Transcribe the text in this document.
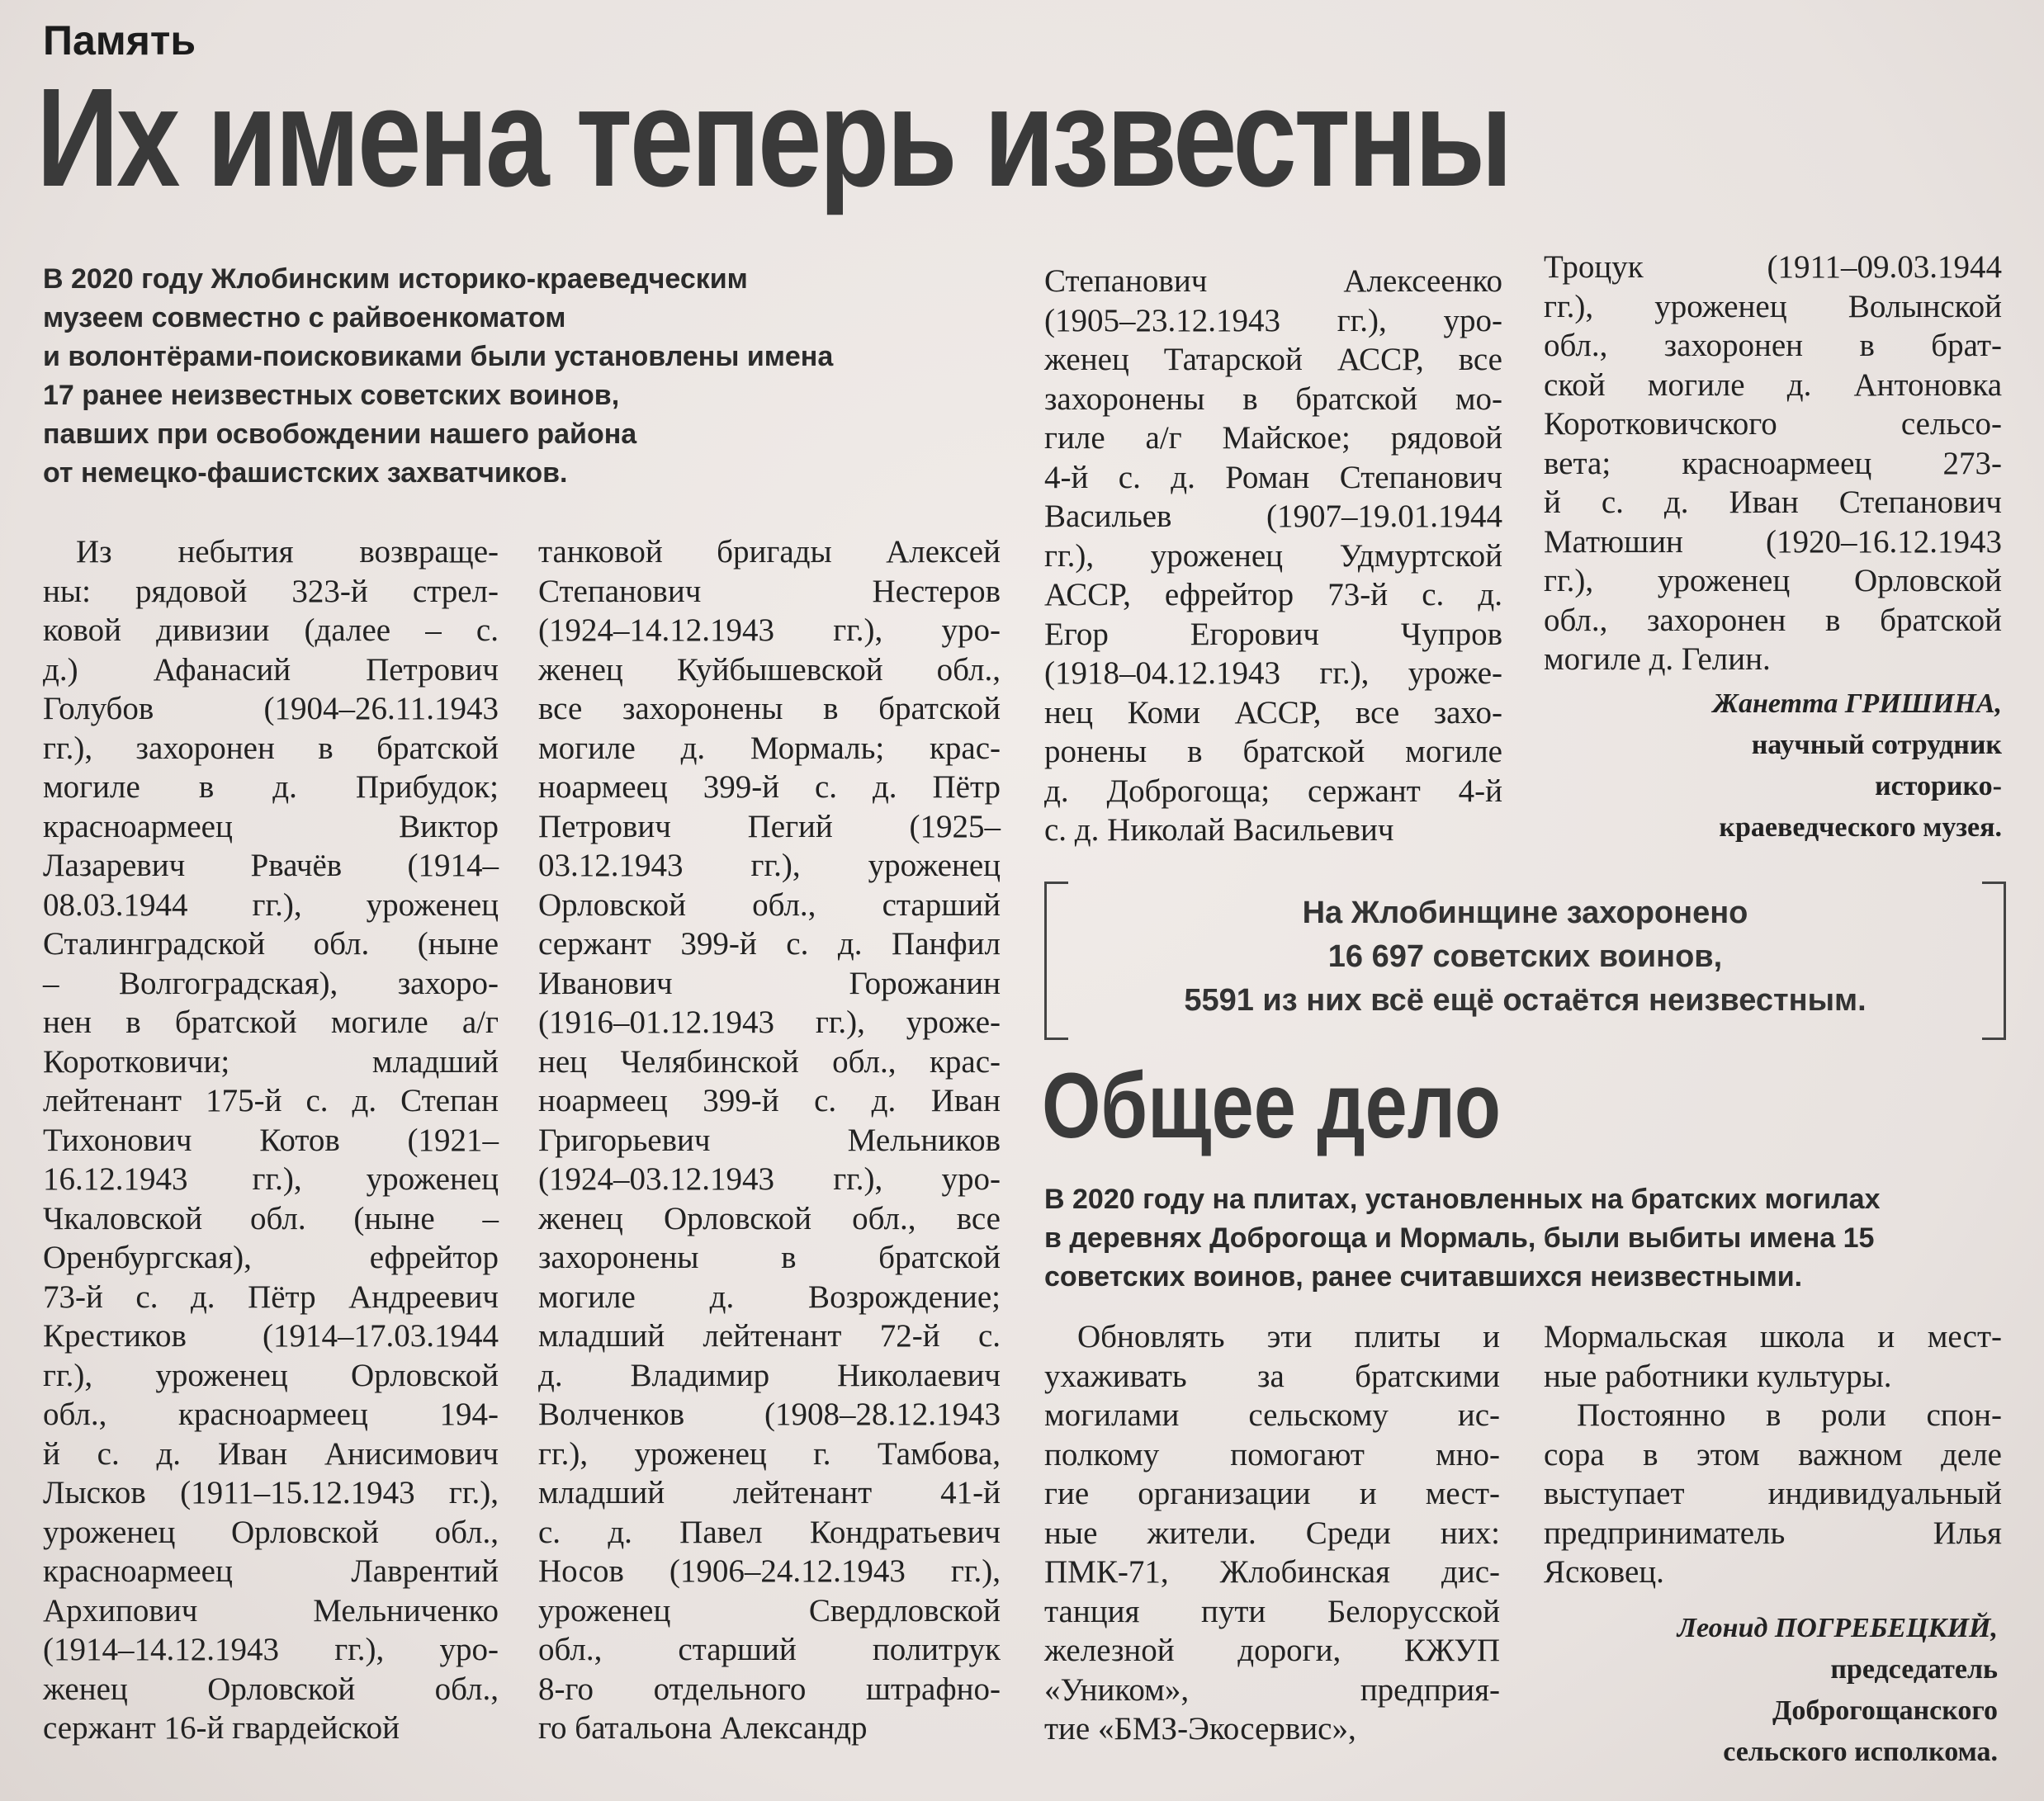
Память
Их имена теперь известны
В 2020 году Жлобинским историко-краеведческим
музеем совместно с райвоенкоматом
и волонтёрами-поисковиками были установлены имена
17 ранее неизвестных советских воинов,
павших при освобождении нашего района
от немецко-фашистских захватчиков.
Из небытия возвраще-
ны: рядовой 323-й стрел-
ковой дивизии (далее – с.
д.) Афанасий Петрович
Голубов (1904–26.11.1943
гг.), захоронен в братской
могиле в д. Прибудок;
красноармеец Виктор
Лазаревич Рвачёв (1914–
08.03.1944 гг.), уроженец
Сталинградской обл. (ныне
– Волгоградская), захоро-
нен в братской могиле а/г
Коротковичи; младший
лейтенант 175-й с. д. Степан
Тихонович Котов (1921–
16.12.1943 гг.), уроженец
Чкаловской обл. (ныне –
Оренбургская), ефрейтор
73-й с. д. Пётр Андреевич
Крестиков (1914–17.03.1944
гг.), уроженец Орловской
обл., красноармеец 194-
й с. д. Иван Анисимович
Лысков (1911–15.12.1943 гг.),
уроженец Орловской обл.,
красноармеец Лаврентий
Архипович Мельниченко
(1914–14.12.1943 гг.), уро-
женец Орловской обл.,
сержант 16-й гвардейской
танковой бригады Алексей
Степанович Нестеров
(1924–14.12.1943 гг.), уро-
женец Куйбышевской обл.,
все захоронены в братской
могиле д. Мормаль; крас-
ноармеец 399-й с. д. Пётр
Петрович Пегий (1925–
03.12.1943 гг.), уроженец
Орловской обл., старший
сержант 399-й с. д. Панфил
Иванович Горожанин
(1916–01.12.1943 гг.), уроже-
нец Челябинской обл., крас-
ноармеец 399-й с. д. Иван
Григорьевич Мельников
(1924–03.12.1943 гг.), уро-
женец Орловской обл., все
захоронены в братской
могиле д. Возрождение;
младший лейтенант 72-й с.
д. Владимир Николаевич
Волченков (1908–28.12.1943
гг.), уроженец г. Тамбова,
младший лейтенант 41-й
с. д. Павел Кондратьевич
Носов (1906–24.12.1943 гг.),
уроженец Свердловской
обл., старший политрук
8-го отдельного штрафно-
го батальона Александр
Степанович Алексеенко
(1905–23.12.1943 гг.), уро-
женец Татарской АССР, все
захоронены в братской мо-
гиле а/г Майское; рядовой
4-й с. д. Роман Степанович
Васильев (1907–19.01.1944
гг.), уроженец Удмуртской
АССР, ефрейтор 73-й с. д.
Егор Егорович Чупров
(1918–04.12.1943 гг.), уроже-
нец Коми АССР, все захо-
ронены в братской могиле
д. Доброгоща; сержант 4-й
с. д. Николай Васильевич
Троцук (1911–09.03.1944
гг.), уроженец Волынской
обл., захоронен в брат-
ской могиле д. Антоновка
Коротковичского сельсо-
вета; красноармеец 273-
й с. д. Иван Степанович
Матюшин (1920–16.12.1943
гг.), уроженец Орловской
обл., захоронен в братской
могиле д. Гелин.
Жанетта ГРИШИНА,
научный сотрудник
историко-
краеведческого музея.
На Жлобинщине захоронено
16 697 советских воинов,
5591 из них всё ещё остаётся неизвестным.
Общее дело
В 2020 году на плитах, установленных на братских могилах
в деревнях Доброгоща и Мормаль, были выбиты имена 15
советских воинов, ранее считавшихся неизвестными.
Обновлять эти плиты и
ухаживать за братскими
могилами сельскому ис-
полкому помогают мно-
гие организации и мест-
ные жители. Среди них:
ПМК-71, Жлобинская дис-
танция пути Белорусской
железной дороги, КЖУП
«Уником», предприя-
тие «БМЗ-Экосервис»,
Мормальская школа и мест-
ные работники культуры.
Постоянно в роли спон-
сора в этом важном деле
выступает индивидуальный
предприниматель Илья
Ясковец.
Леонид ПОГРЕБЕЦКИЙ,
председатель
Доброгощанского
сельского исполкома.
